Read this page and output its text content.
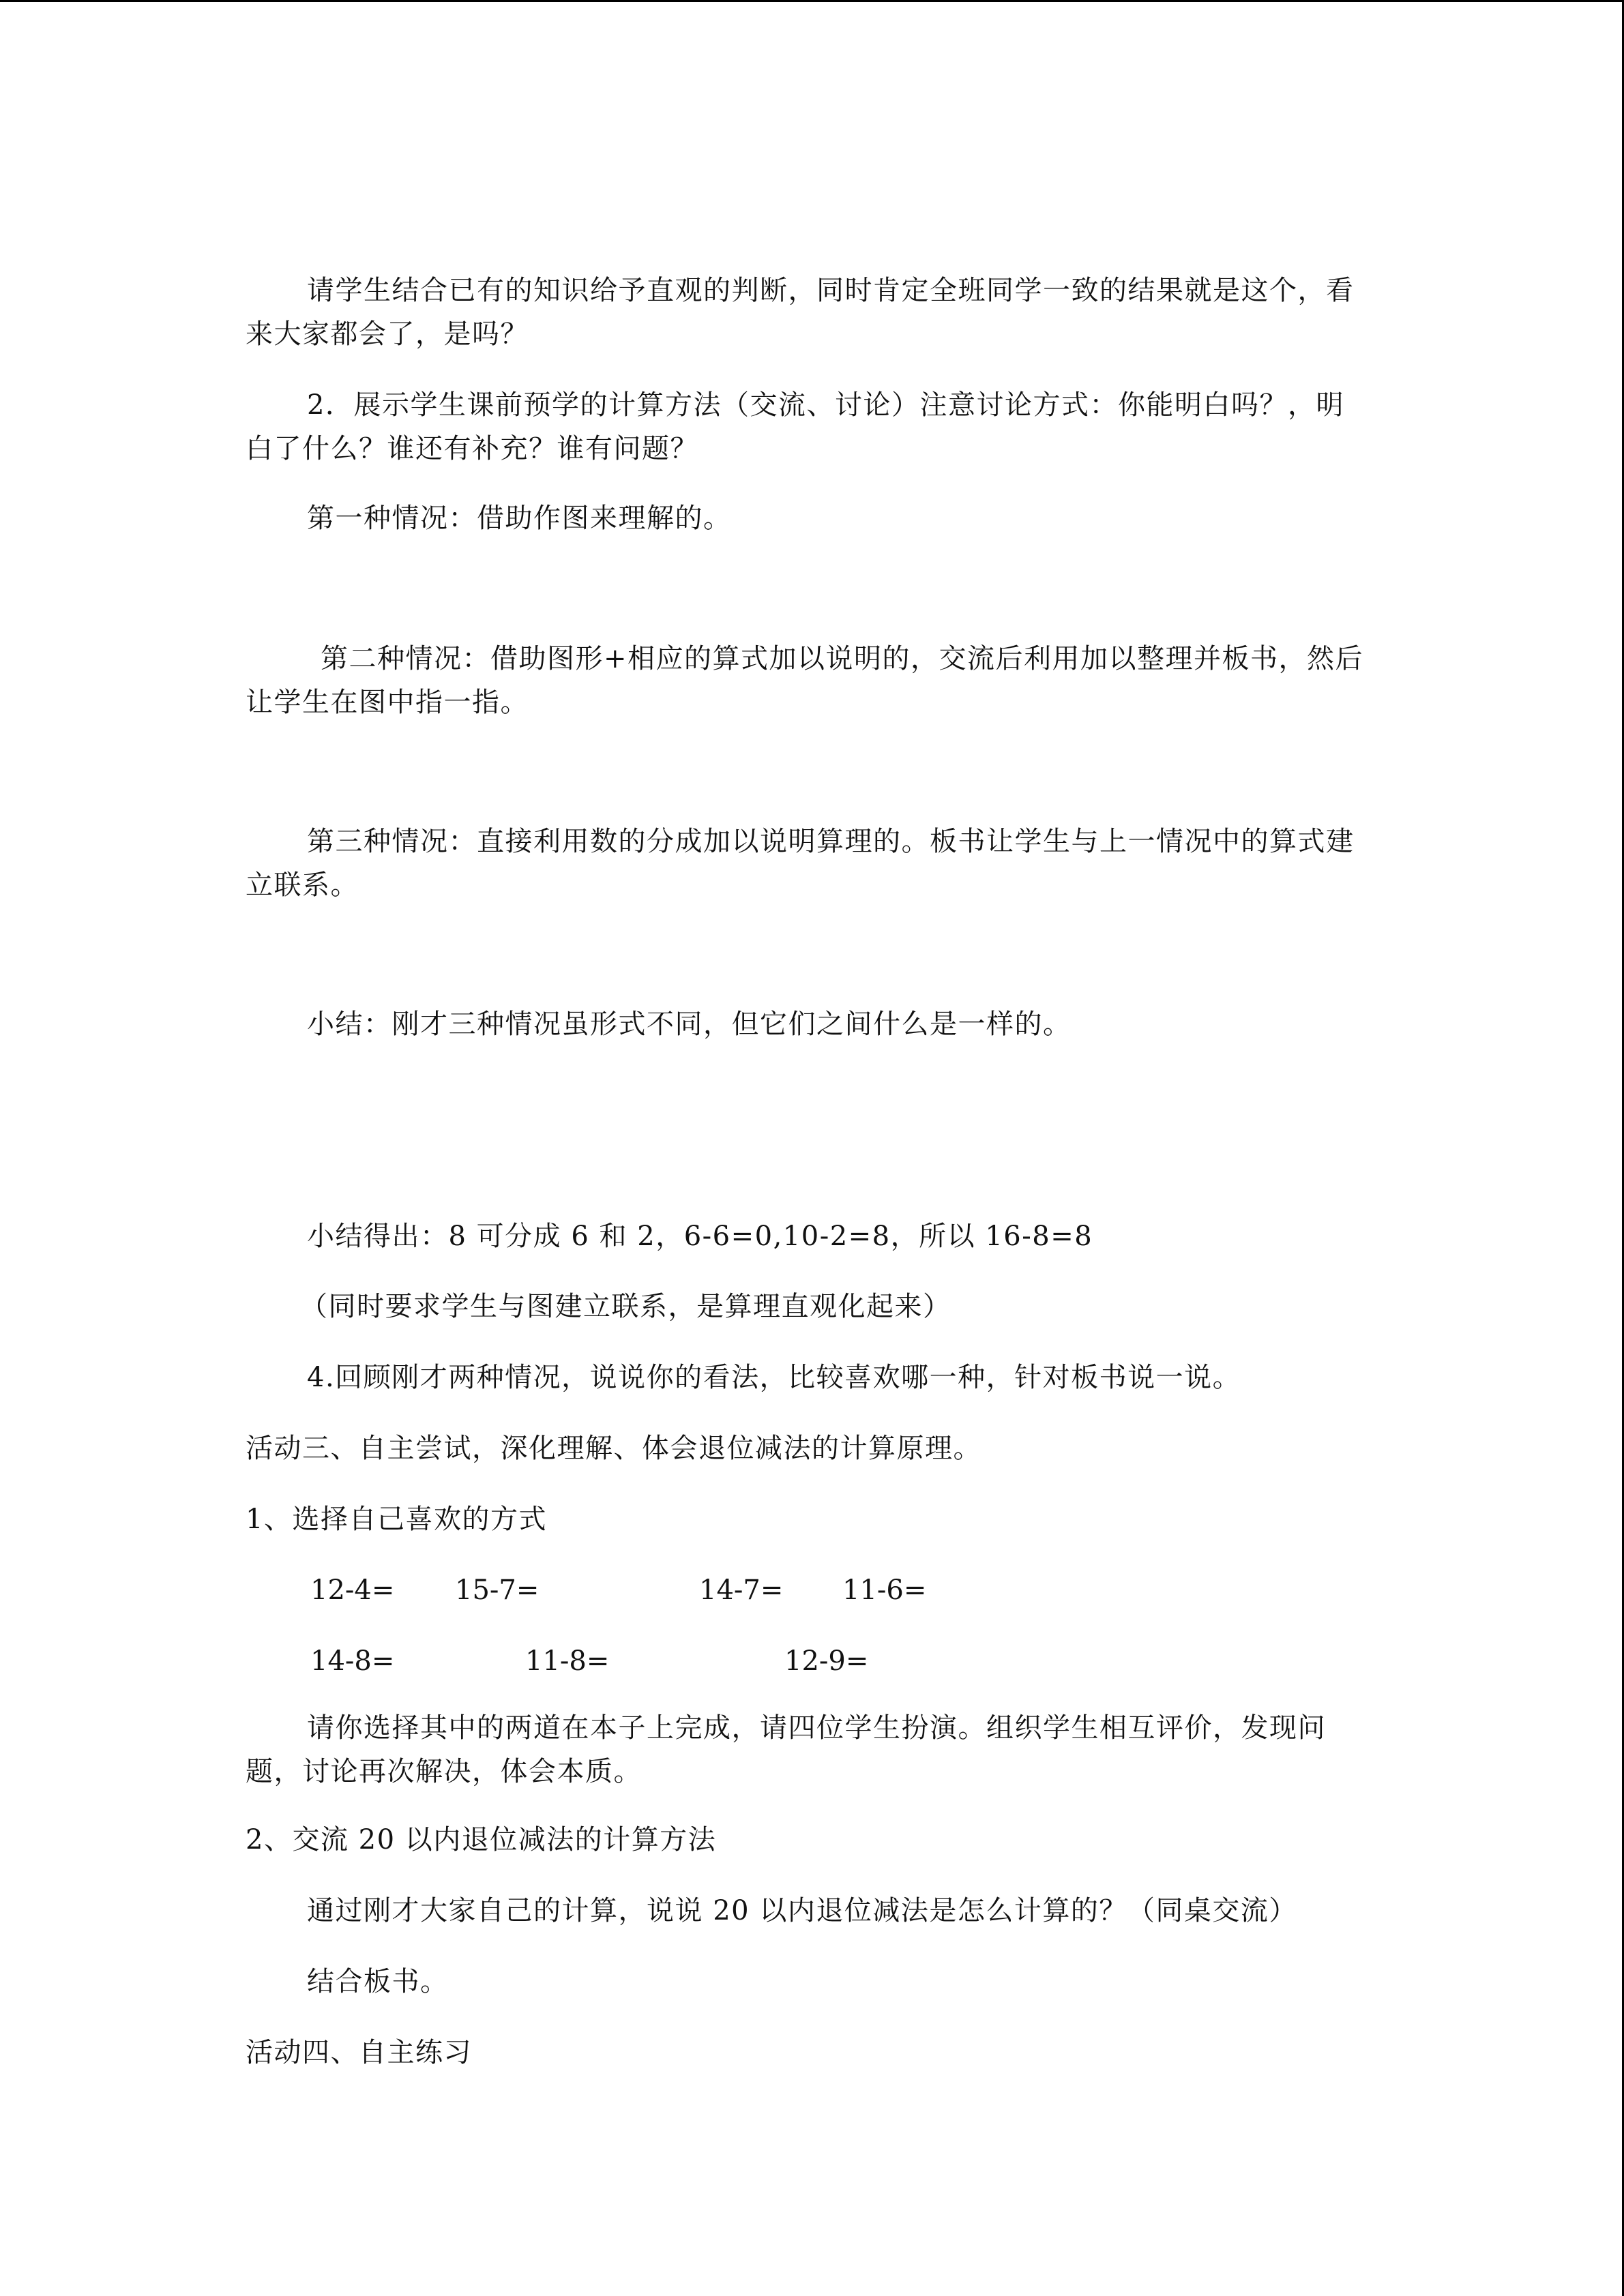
请学生结合已有的知识给予直观的判断，同时肯定全班同学一致的结果就是这个，看
来大家都会了，是吗？
2．展示学生课前预学的计算方法（交流、讨论）注意讨论方式：你能明白吗？，明
白了什么？谁还有补充？谁有问题？
第一种情况：借助作图来理解的。
第二种情况：借助图形+相应的算式加以说明的，交流后利用加以整理并板书，然后
让学生在图中指一指。
第三种情况：直接利用数的分成加以说明算理的。板书让学生与上一情况中的算式建
立联系。
小结：刚才三种情况虽形式不同，但它们之间什么是一样的。
小结得出：8 可分成 6 和 2，6-6=0,10-2=8，所以 16-8=8
（同时要求学生与图建立联系，是算理直观化起来）
4.回顾刚才两种情况，说说你的看法，比较喜欢哪一种，针对板书说一说。
活动三、自主尝试，深化理解、体会退位减法的计算原理。
1、选择自己喜欢的方式
12-4= 15-7=	14-7= 11-6=
14-8=	11-8=	12-9=
请你选择其中的两道在本子上完成，请四位学生扮演。组织学生相互评价，发现问
题，讨论再次解决，体会本质。
2、交流 20 以内退位减法的计算方法
通过刚才大家自己的计算，说说 20 以内退位减法是怎么计算的？（同桌交流）
结合板书。
活动四、自主练习
